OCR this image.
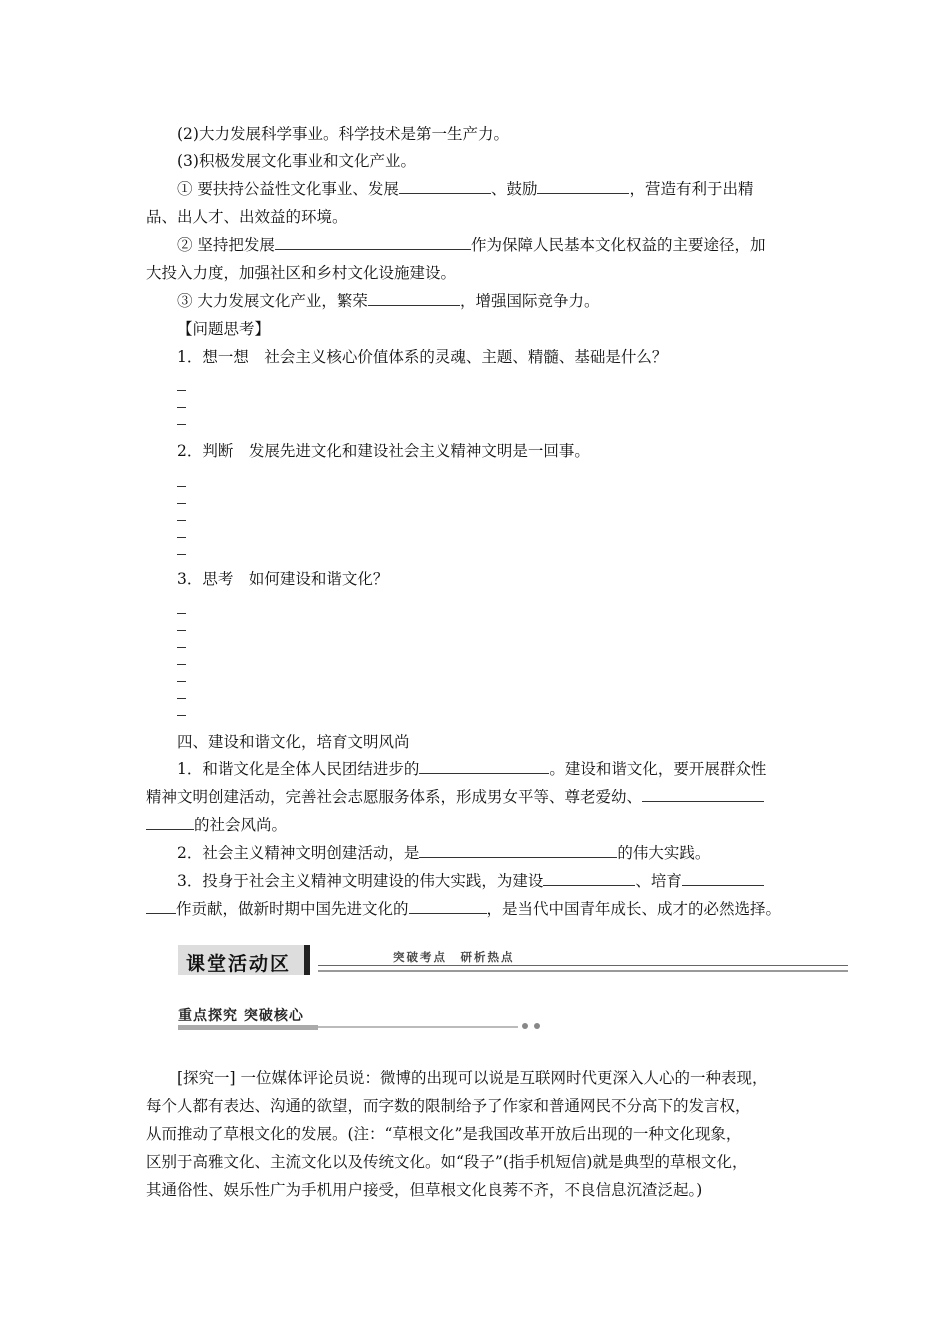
(2)大力发展科学事业。科学技术是第一生产力。
(3)积极发展文化事业和文化产业。
① 要扶持公益性文化事业、发展	、鼓励	，营造有利于出精
品、出人才、出效益的环境。
② 坚持把发展	作为保障人民基本文化权益的主要途径，加
大投入力度，加强社区和乡村文化设施建设。
③ 大力发展文化产业，繁荣	，增强国际竞争力。
【问题思考】
1．想一想　社会主义核心价值体系的灵魂、主题、精髓、基础是什么？
2．判断　发展先进文化和建设社会主义精神文明是一回事。
3．思考　如何建设和谐文化？
四、建设和谐文化，培育文明风尚
1．和谐文化是全体人民团结进步的	。建设和谐文化，要开展群众性
精神文明创建活动，完善社会志愿服务体系，形成男女平等、尊老爱幼、
的社会风尚。
2．社会主义精神文明创建活动，是	的伟大实践。
3．投身于社会主义精神文明建设的伟大实践，为建设	、培育
作贡献，做新时期中国先进文化的	，是当代中国青年成长、成才的必然选择。
课堂活动区	突破考点　研析热点
重点探究 突破核心
[探究一] 一位媒体评论员说：微博的出现可以说是互联网时代更深入人心的一种表现，
每个人都有表达、沟通的欲望，而字数的限制给予了作家和普通网民不分高下的发言权，
从而推动了草根文化的发展。(注：“草根文化”是我国改革开放后出现的一种文化现象，
区别于高雅文化、主流文化以及传统文化。如“段子”(指手机短信)就是典型的草根文化，
其通俗性、娱乐性广为手机用户接受，但草根文化良莠不齐，不良信息沉渣泛起。)
